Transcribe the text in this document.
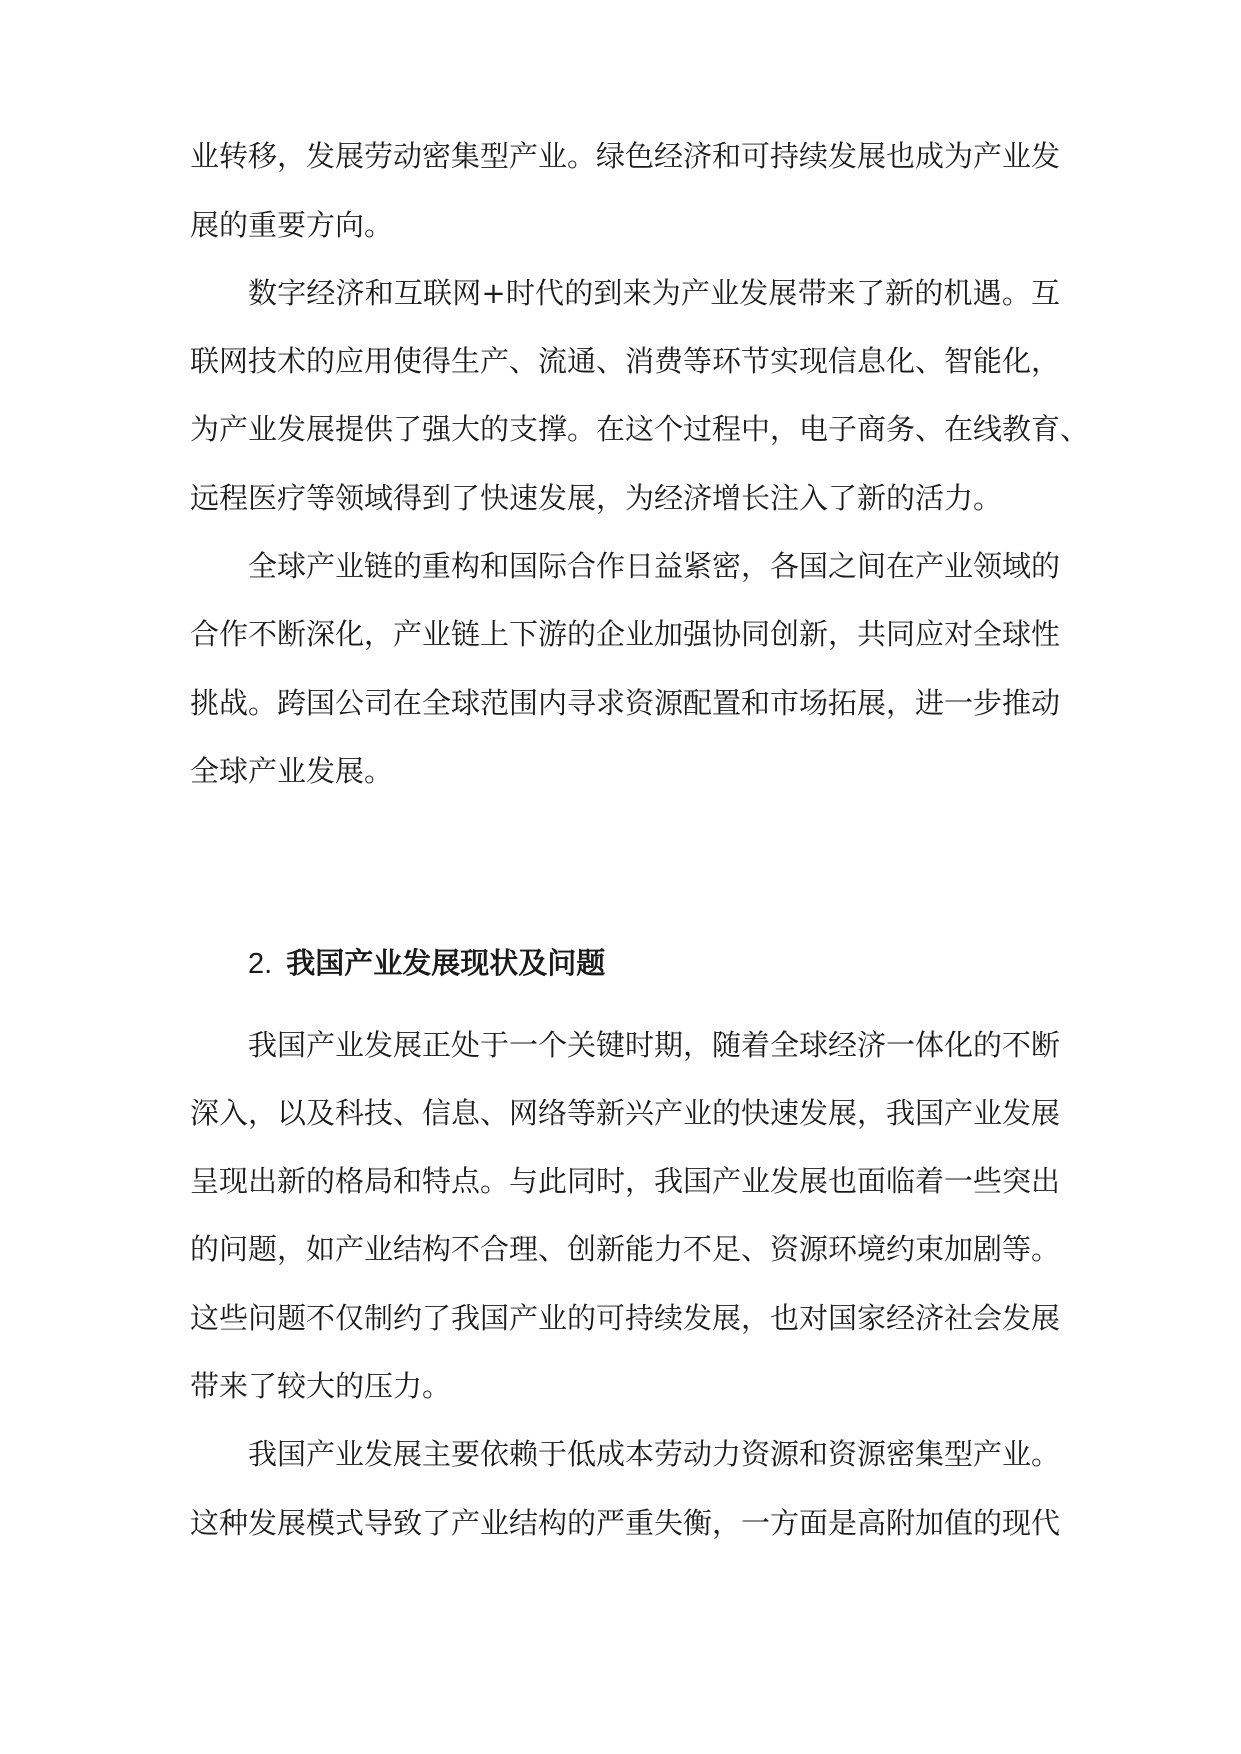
业转移，发展劳动密集型产业。绿色经济和可持续发展也成为产业发
展的重要方向。
数字经济和互联网+时代的到来为产业发展带来了新的机遇。互
联网技术的应用使得生产、流通、消费等环节实现信息化、智能化，
为产业发展提供了强大的支撑。在这个过程中，电子商务、在线教育、
远程医疗等领域得到了快速发展，为经济增长注入了新的活力。
全球产业链的重构和国际合作日益紧密，各国之间在产业领域的
合作不断深化，产业链上下游的企业加强协同创新，共同应对全球性
挑战。跨国公司在全球范围内寻求资源配置和市场拓展，进一步推动
全球产业发展。
2. 我国产业发展现状及问题
我国产业发展正处于一个关键时期，随着全球经济一体化的不断
深入，以及科技、信息、网络等新兴产业的快速发展，我国产业发展
呈现出新的格局和特点。与此同时，我国产业发展也面临着一些突出
的问题，如产业结构不合理、创新能力不足、资源环境约束加剧等。
这些问题不仅制约了我国产业的可持续发展，也对国家经济社会发展
带来了较大的压力。
我国产业发展主要依赖于低成本劳动力资源和资源密集型产业。
这种发展模式导致了产业结构的严重失衡，一方面是高附加值的现代
